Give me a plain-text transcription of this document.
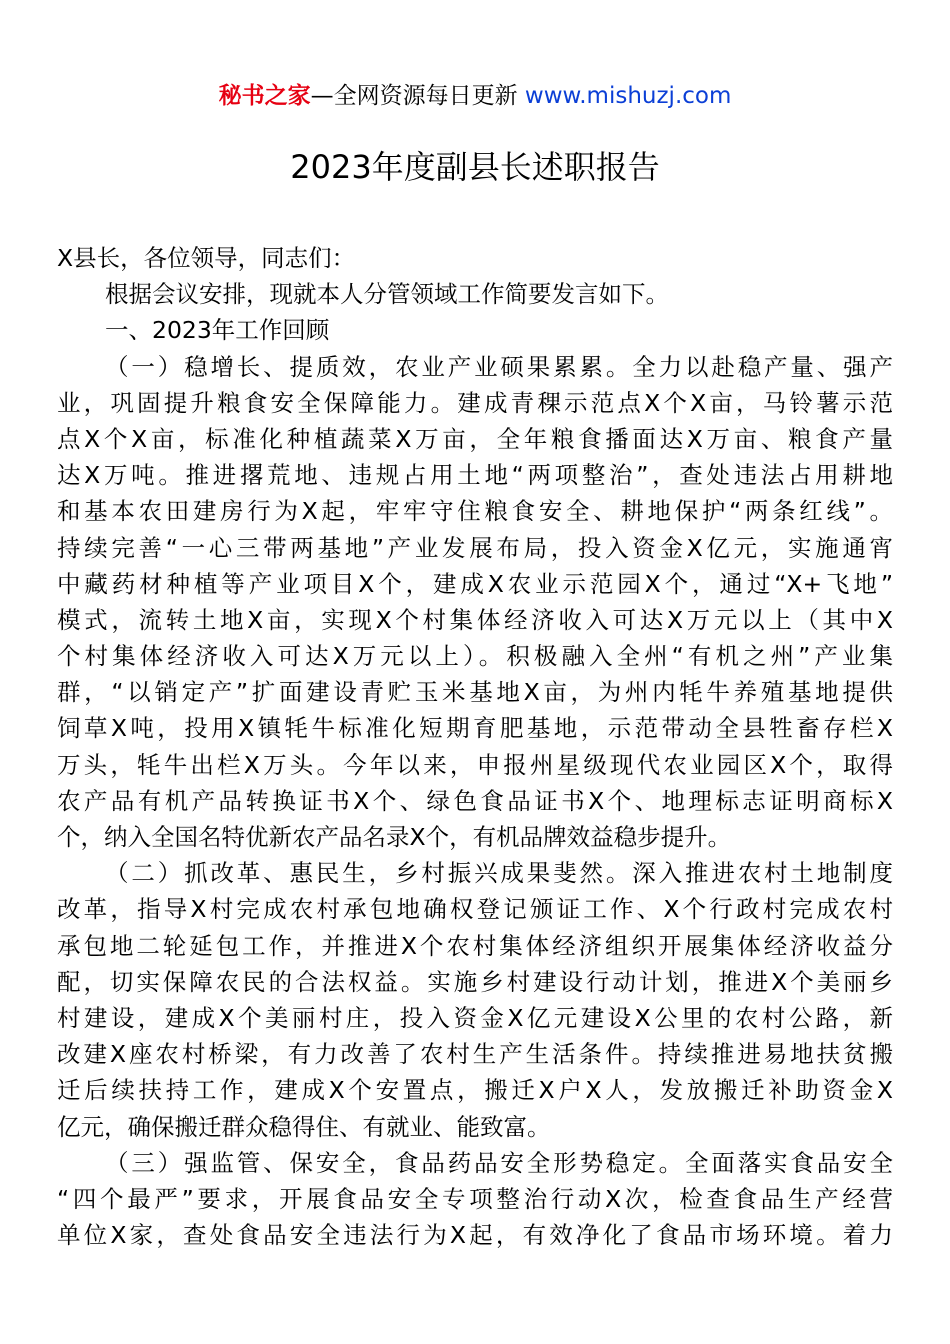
秘书之家—全网资源每日更新 www.mishuzj.com
2023年度副县长述职报告
X县长，各位领导，同志们：
根据会议安排，现就本人分管领域工作简要发言如下。
一、2023年工作回顾
（一）稳增长、提质效，农业产业硕果累累。全力以赴稳产量、强产
业，巩固提升粮食安全保障能力。建成青稞示范点X个X亩，马铃薯示范
点X个X亩，标准化种植蔬菜X万亩，全年粮食播面达X万亩、粮食产量
达X万吨。推进撂荒地、违规占用土地“两项整治”，查处违法占用耕地
和基本农田建房行为X起，牢牢守住粮食安全、耕地保护“两条红线”。
持续完善“一心三带两基地”产业发展布局，投入资金X亿元，实施通宵
中藏药材种植等产业项目X个，建成X农业示范园X个，通过“X+飞地”
模式，流转土地X亩，实现X个村集体经济收入可达X万元以上（其中X
个村集体经济收入可达X万元以上）。积极融入全州“有机之州”产业集
群，“以销定产”扩面建设青贮玉米基地X亩，为州内牦牛养殖基地提供
饲草X吨，投用X镇牦牛标准化短期育肥基地，示范带动全县牲畜存栏X
万头，牦牛出栏X万头。今年以来，申报州星级现代农业园区X个，取得
农产品有机产品转换证书X个、绿色食品证书X个、地理标志证明商标X
个，纳入全国名特优新农产品名录X个，有机品牌效益稳步提升。
（二）抓改革、惠民生，乡村振兴成果斐然。深入推进农村土地制度
改革，指导X村完成农村承包地确权登记颁证工作、X个行政村完成农村
承包地二轮延包工作，并推进X个农村集体经济组织开展集体经济收益分
配，切实保障农民的合法权益。实施乡村建设行动计划，推进X个美丽乡
村建设，建成X个美丽村庄，投入资金X亿元建设X公里的农村公路，新
改建X座农村桥梁，有力改善了农村生产生活条件。持续推进易地扶贫搬
迁后续扶持工作，建成X个安置点，搬迁X户X人，发放搬迁补助资金X
亿元，确保搬迁群众稳得住、有就业、能致富。
（三）强监管、保安全，食品药品安全形势稳定。全面落实食品安全
“四个最严”要求，开展食品安全专项整治行动X次，检查食品生产经营
单位X家，查处食品安全违法行为X起，有效净化了食品市场环境。着力
